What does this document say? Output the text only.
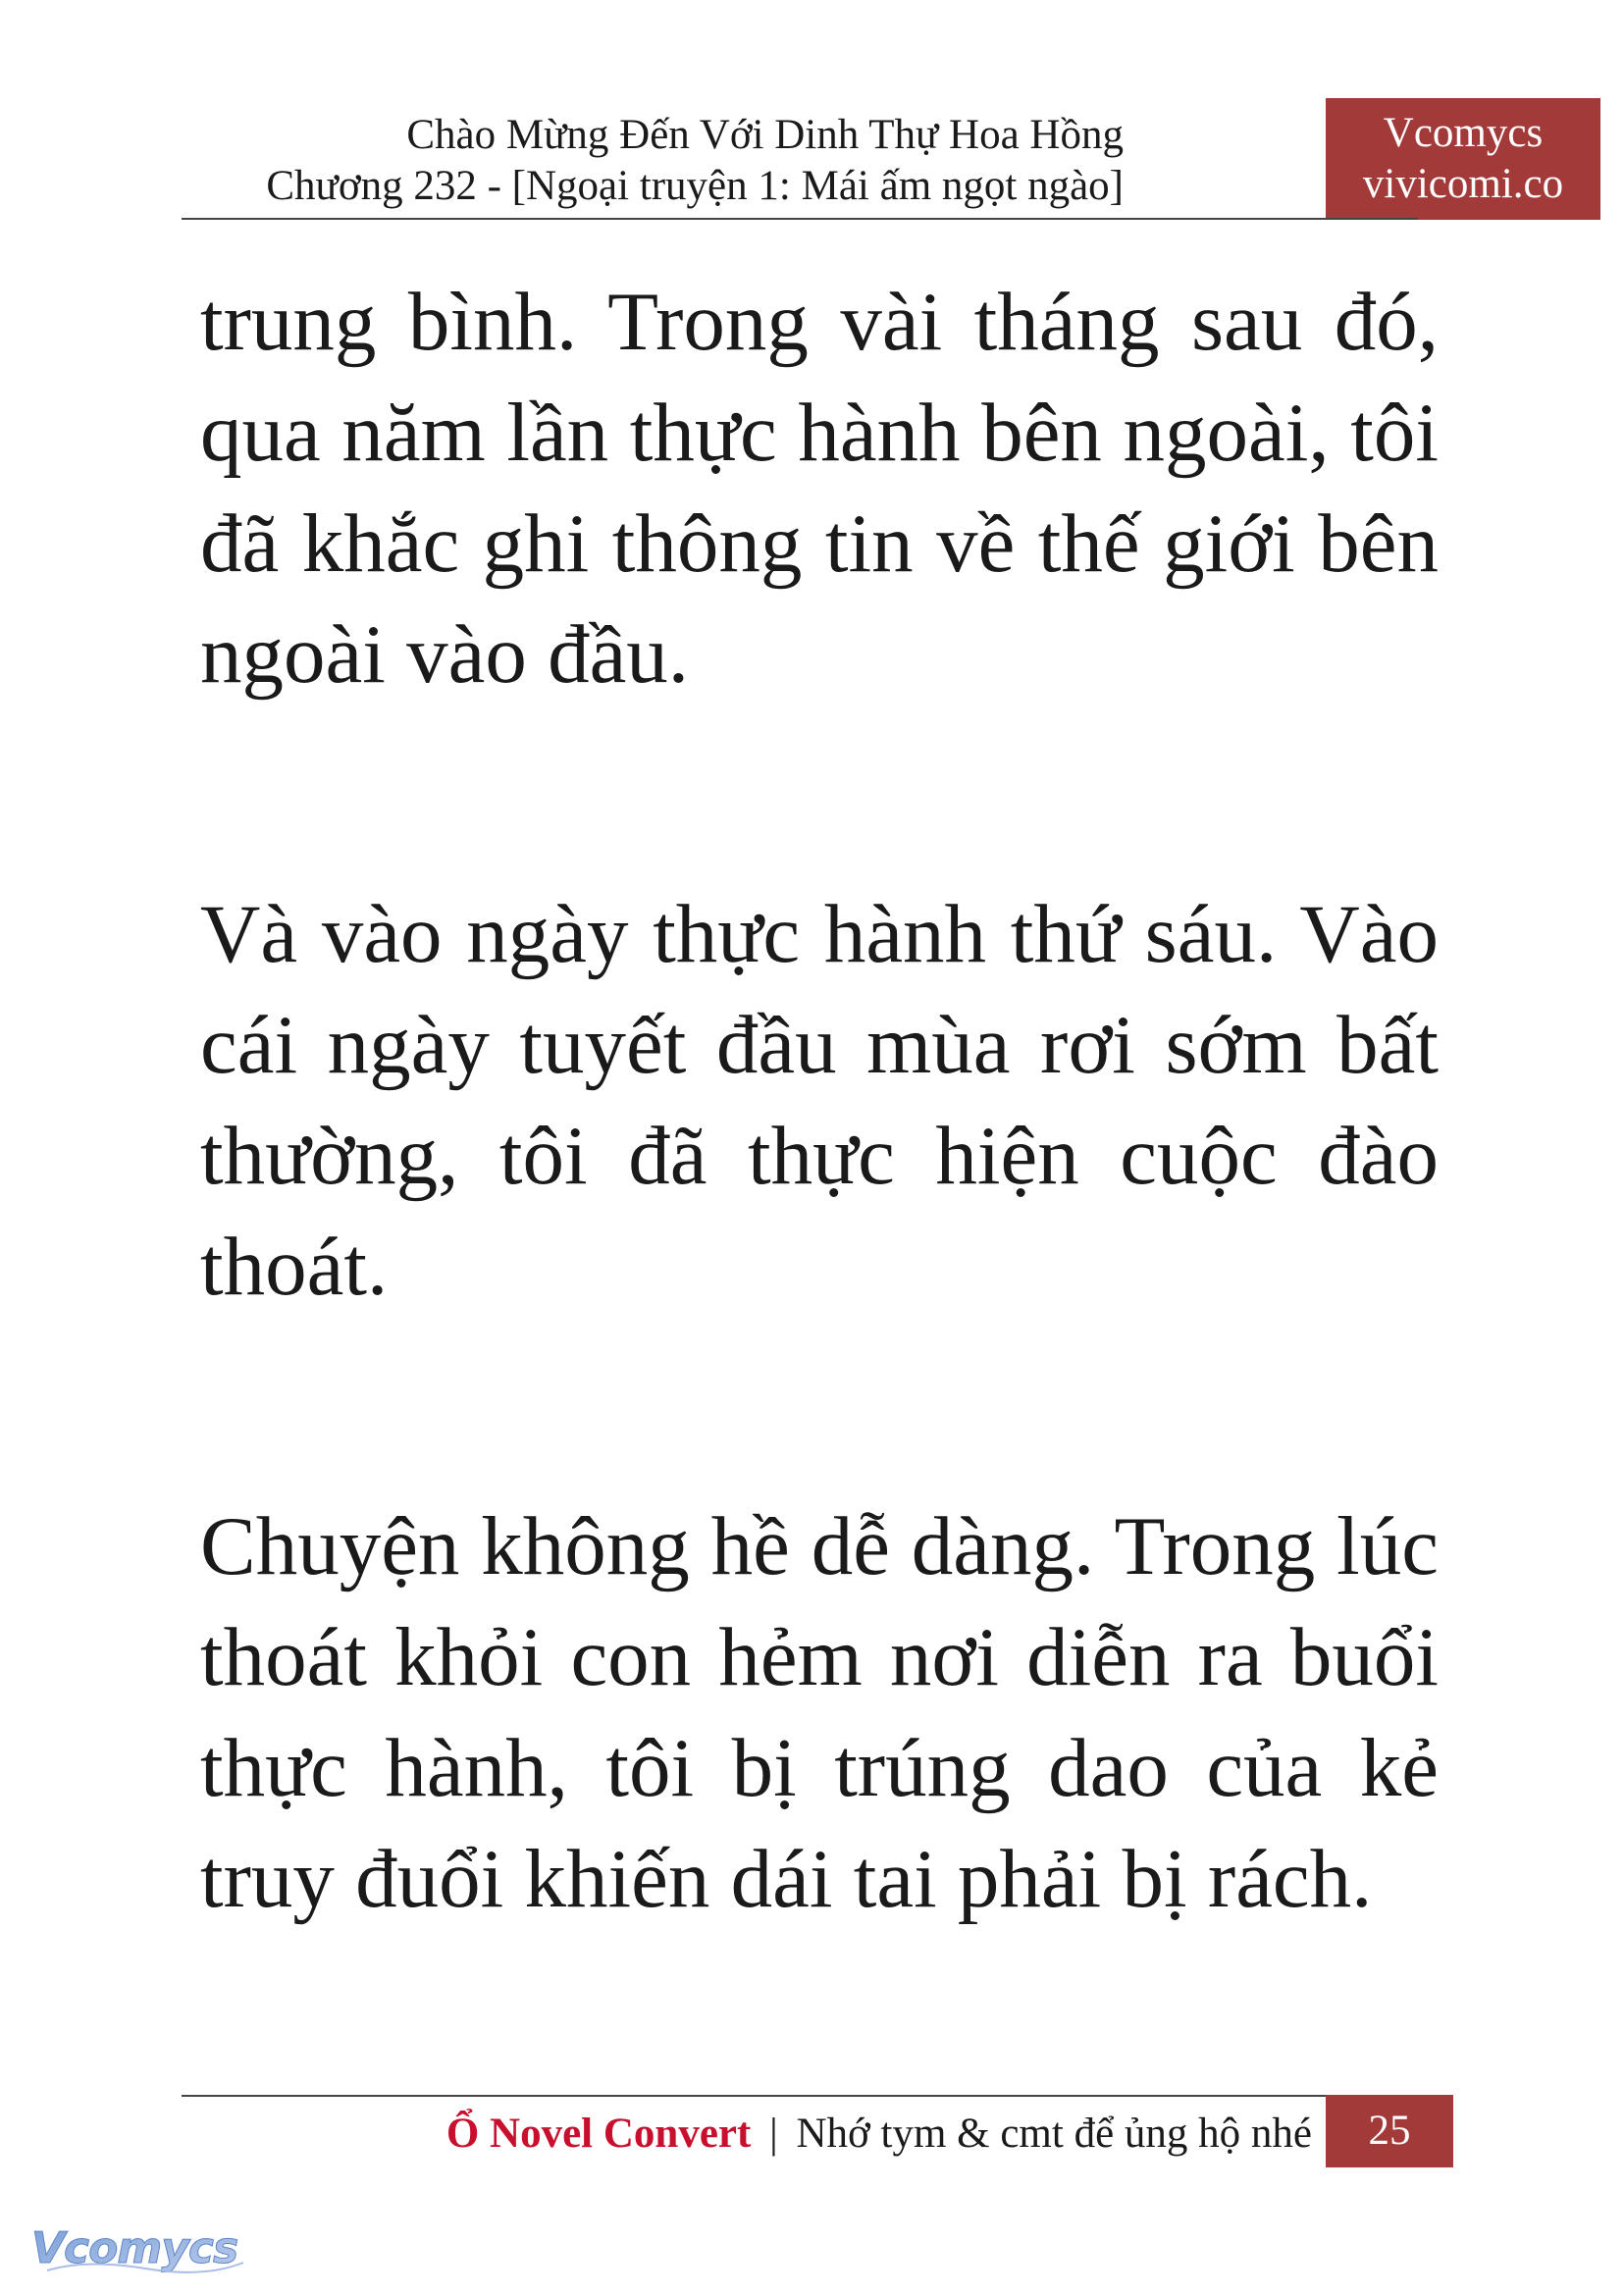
Chào Mừng Đến Với Dinh Thự Hoa Hồng
Chương 232 - [Ngoại truyện 1: Mái ấm ngọt ngào]
Vcomycs
vivicomi.co

trung bình. Trong vài tháng sau đó, qua năm lần thực hành bên ngoài, tôi đã khắc ghi thông tin về thế giới bên ngoài vào đầu.

Và vào ngày thực hành thứ sáu. Vào cái ngày tuyết đầu mùa rơi sớm bất thường, tôi đã thực hiện cuộc đào thoát.

Chuyện không hề dễ dàng. Trong lúc thoát khỏi con hẻm nơi diễn ra buổi thực hành, tôi bị trúng dao của kẻ truy đuổi khiến dái tai phải bị rách.

Ổ Novel Convert | Nhớ tym & cmt để ủng hộ nhé	25
Vcomycs
